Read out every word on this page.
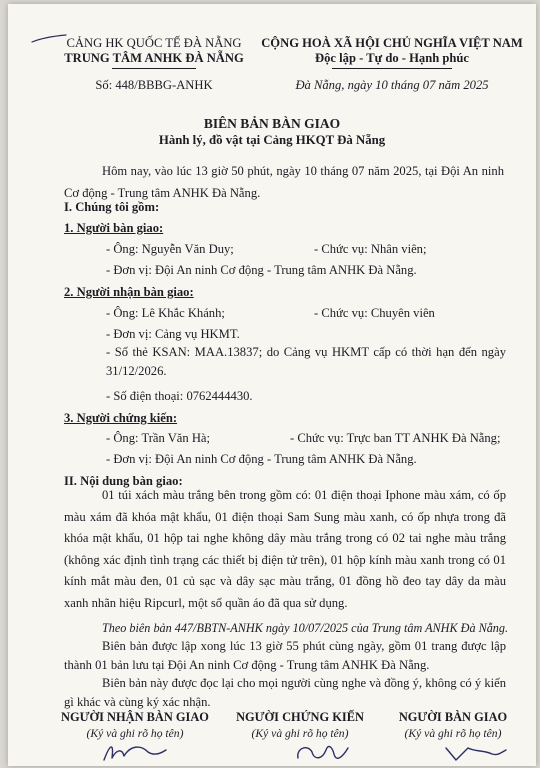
CẢNG HK QUỐC TẾ ĐÀ NẴNG
TRUNG TÂM ANHK ĐÀ NẴNG
Số: 448/BBBG-ANHK
CỘNG HOÀ XÃ HỘI CHỦ NGHĨA VIỆT NAM
Độc lập - Tự do - Hạnh phúc
Đà Nẵng, ngày 10 tháng 07 năm 2025
BIÊN BẢN BÀN GIAO
Hành lý, đồ vật tại Cảng HKQT Đà Nẵng
Hôm nay, vào lúc 13 giờ 50 phút, ngày 10 tháng 07 năm 2025, tại Đội An ninh Cơ động - Trung tâm ANHK Đà Nẵng.
I. Chúng tôi gồm:
1. Người bàn giao:
- Ông: Nguyễn Văn Duy;	- Chức vụ: Nhân viên;
- Đơn vị: Đội An ninh Cơ động - Trung tâm ANHK Đà Nẵng.
2. Người nhận bàn giao:
- Ông: Lê Khắc Khánh;	- Chức vụ: Chuyên viên
- Đơn vị: Cảng vụ HKMT.
- Số thẻ KSAN: MAA.13837; do Cảng vụ HKMT cấp có thời hạn đến ngày 31/12/2026.
- Số điện thoại: 0762444430.
3. Người chứng kiến:
- Ông: Trần Văn Hà;	- Chức vụ: Trực ban TT ANHK Đà Nẵng;
- Đơn vị: Đội An ninh Cơ động - Trung tâm ANHK Đà Nẵng.
II. Nội dung bàn giao:
01 túi xách màu trắng bên trong gồm có: 01 điện thoại Iphone màu xám, có ốp màu xám đã khóa mật khẩu, 01 điện thoại Sam Sung màu xanh, có ốp nhựa trong đã khóa mật khẩu, 01 hộp tai nghe không dây màu trắng trong có 02 tai nghe màu trắng (không xác định tình trạng các thiết bị điện tử trên), 01 hộp kính màu xanh trong có 01 kính mắt màu đen, 01 củ sạc và dây sạc màu trắng, 01 đồng hồ đeo tay dây da màu xanh nhãn hiệu Ripcurl, một số quần áo đã qua sử dụng.
Theo biên bản 447/BBTN-ANHK ngày 10/07/2025 của Trung tâm ANHK Đà Nẵng.
Biên bản được lập xong lúc 13 giờ 55 phút cùng ngày, gồm 01 trang được lập thành 01 bản lưu tại Đội An ninh Cơ động - Trung tâm ANHK Đà Nẵng.
Biên bản này được đọc lại cho mọi người cùng nghe và đồng ý, không có ý kiến gì khác và cùng ký xác nhận.
NGƯỜI NHẬN BÀN GIAO
(Ký và ghi rõ họ tên)
NGƯỜI CHỨNG KIẾN
(Ký và ghi rõ họ tên)
NGƯỜI BÀN GIAO
(Ký và ghi rõ họ tên)
